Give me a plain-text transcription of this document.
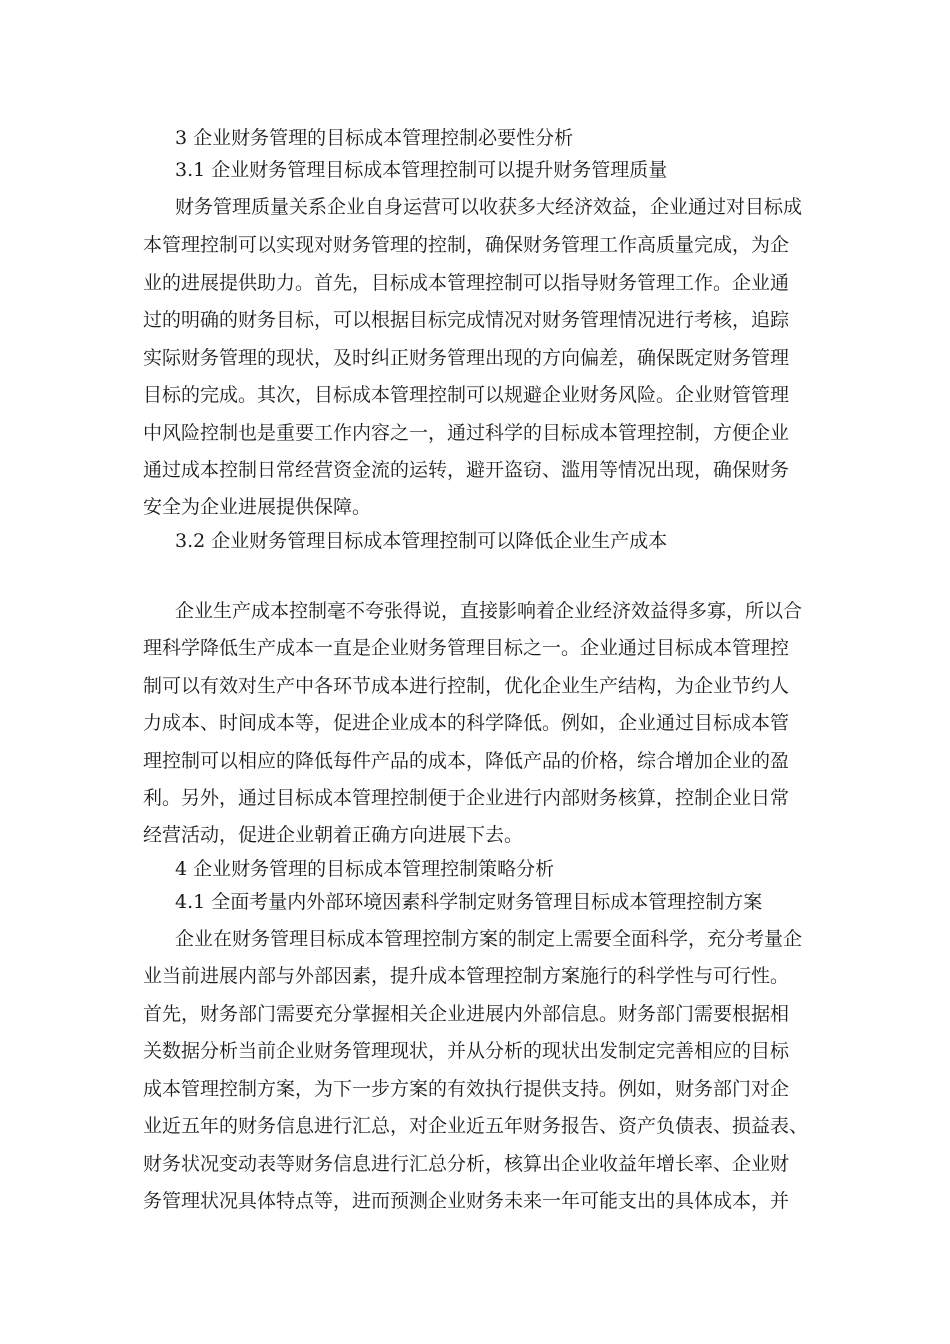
3 企业财务管理的目标成本管理控制必要性分析
3.1 企业财务管理目标成本管理控制可以提升财务管理质量
财务管理质量关系企业自身运营可以收获多大经济效益，企业通过对目标成
本管理控制可以实现对财务管理的控制，确保财务管理工作高质量完成，为企
业的进展提供助力。首先，目标成本管理控制可以指导财务管理工作。企业通
过的明确的财务目标，可以根据目标完成情况对财务管理情况进行考核，追踪
实际财务管理的现状，及时纠正财务管理出现的方向偏差，确保既定财务管理
目标的完成。其次，目标成本管理控制可以规避企业财务风险。企业财管管理
中风险控制也是重要工作内容之一，通过科学的目标成本管理控制，方便企业
通过成本控制日常经营资金流的运转，避开盗窃、滥用等情况出现，确保财务
安全为企业进展提供保障。
3.2 企业财务管理目标成本管理控制可以降低企业生产成本
企业生产成本控制毫不夸张得说，直接影响着企业经济效益得多寡，所以合
理科学降低生产成本一直是企业财务管理目标之一。企业通过目标成本管理控
制可以有效对生产中各环节成本进行控制，优化企业生产结构，为企业节约人
力成本、时间成本等，促进企业成本的科学降低。例如，企业通过目标成本管
理控制可以相应的降低每件产品的成本，降低产品的价格，综合增加企业的盈
利。另外，通过目标成本管理控制便于企业进行内部财务核算，控制企业日常
经营活动，促进企业朝着正确方向进展下去。
4 企业财务管理的目标成本管理控制策略分析
4.1 全面考量内外部环境因素科学制定财务管理目标成本管理控制方案
企业在财务管理目标成本管理控制方案的制定上需要全面科学，充分考量企
业当前进展内部与外部因素，提升成本管理控制方案施行的科学性与可行性。
首先，财务部门需要充分掌握相关企业进展内外部信息。财务部门需要根据相
关数据分析当前企业财务管理现状，并从分析的现状出发制定完善相应的目标
成本管理控制方案，为下一步方案的有效执行提供支持。例如，财务部门对企
业近五年的财务信息进行汇总，对企业近五年财务报告、资产负债表、损益表、
财务状况变动表等财务信息进行汇总分析，核算出企业收益年增长率、企业财
务管理状况具体特点等，进而预测企业财务未来一年可能支出的具体成本，并
